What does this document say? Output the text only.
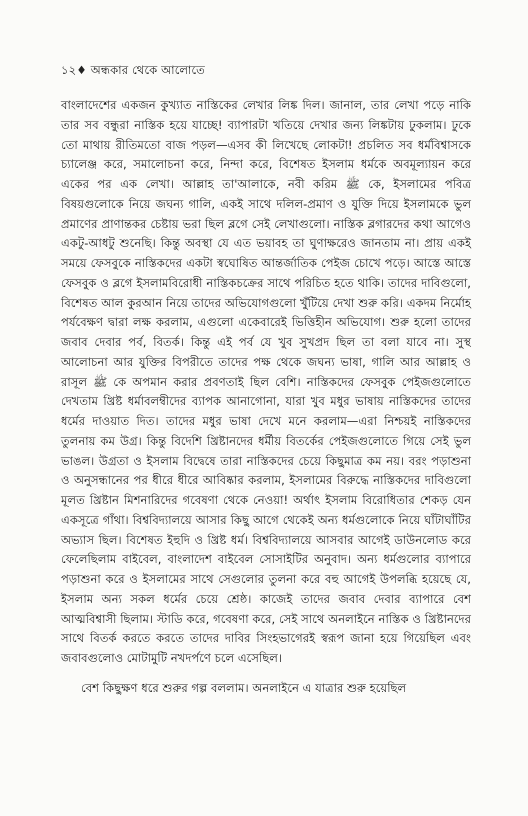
১২♦ অন্ধকার থেকে আলোতে

বাংলাদেশের একজন কুখ্যাত নাস্তিকের লেখার লিঙ্ক দিল। জানাল, তার লেখা পড়ে নাকি তার সব বন্ধুরা নাস্তিক হয়ে যাচ্ছে! ব্যাপারটা খতিয়ে দেখার জন্য লিঙ্কটায় ঢুকলাম। ঢুকে তো মাথায় রীতিমতো বাজ পড়ল—এসব কী লিখেছে লোকটা! প্রচলিত সব ধর্মবিশ্বাসকে চ্যালেঞ্জ করে, সমালোচনা করে, নিন্দা করে, বিশেষত ইসলাম ধর্মকে অবমূল্যায়ন করে একের পর এক লেখা। আল্লাহ তা'আলাকে, নবী করিম ﷺ কে, ইসলামের পবিত্র বিষয়গুলোকে নিয়ে জঘন্য গালি, একই সাথে দলিল-প্রমাণ ও যুক্তি দিয়ে ইসলামকে ভুল প্রমাণের প্রাণান্তকর চেষ্টায় ভরা ছিল ব্লগে সেই লেখাগুলো। নাস্তিক ব্লগারদের কথা আগেও একটু-আধটু শুনেছি। কিন্তু অবস্থা যে এত ভয়াবহ তা ঘুণাক্ষরেও জানতাম না। প্রায় একই সময়ে ফেসবুকে নাস্তিকদের একটা স্বঘোষিত আন্তর্জাতিক পেইজ চোখে পড়ে। আস্তে আস্তে ফেসবুক ও ব্লগে ইসলামবিরোধী নাস্তিকচক্রের সাথে পরিচিত হতে থাকি। তাদের দাবিগুলো, বিশেষত আল কুরআন নিয়ে তাদের অভিযোগগুলো খুঁটিয়ে দেখা শুরু করি। একদম নির্মোহ পর্যবেক্ষণ দ্বারা লক্ষ করলাম, এগুলো একেবারেই ভিত্তিহীন অভিযোগ। শুরু হলো তাদের জবাব দেবার পর্ব, বিতর্ক। কিন্তু এই পর্ব যে খুব সুখপ্রদ ছিল তা বলা যাবে না। সুস্থ আলোচনা আর যুক্তির বিপরীতে তাদের পক্ষ থেকে জঘন্য ভাষা, গালি আর আল্লাহ ও রাসূল ﷺ কে অপমান করার প্রবণতাই ছিল বেশি। নাস্তিকদের ফেসবুক পেইজগুলোতে দেখতাম খ্রিষ্ট ধর্মাবলম্বীদের ব্যাপক আনাগোনা, যারা খুব মধুর ভাষায় নাস্তিকদের তাদের ধর্মের দাওয়াত দিত। তাদের মধুর ভাষা দেখে মনে করলাম—এরা নিশ্চয়ই নাস্তিকদের তুলনায় কম উগ্র। কিন্তু বিদেশি খ্রিষ্টানদের ধর্মীয় বিতর্কের পেইজগুলোতে গিয়ে সেই ভুল ভাঙল। উগ্রতা ও ইসলাম বিদ্বেষে তারা নাস্তিকদের চেয়ে কিছুমাত্র কম নয়। বরং পড়াশুনা ও অনুসন্ধানের পর ধীরে ধীরে আবিষ্কার করলাম, ইসলামের বিরুদ্ধে নাস্তিকদের দাবিগুলো মূলত খ্রিষ্টান মিশনারিদের গবেষণা থেকে নেওয়া! অর্থাৎ ইসলাম বিরোধিতার শেকড় যেন একসূত্রে গাঁথা। বিশ্ববিদ্যালয়ে আসার কিছু আগে থেকেই অন্য ধর্মগুলোকে নিয়ে ঘাঁটাঘাঁটির অভ্যাস ছিল। বিশেষত ইহুদি ও খ্রিষ্ট ধর্ম। বিশ্ববিদ্যালয়ে আসবার আগেই ডাউনলোড করে ফেলেছিলাম বাইবেল, বাংলাদেশ বাইবেল সোসাইটির অনুবাদ। অন্য ধর্মগুলোর ব্যাপারে পড়াশুনা করে ও ইসলামের সাথে সেগুলোর তুলনা করে বহু আগেই উপলব্ধি হয়েছে যে, ইসলাম অন্য সকল ধর্মের চেয়ে শ্রেষ্ঠ। কাজেই তাদের জবাব দেবার ব্যাপারে বেশ আত্মবিশ্বাসী ছিলাম। স্টাডি করে, গবেষণা করে, সেই সাথে অনলাইনে নাস্তিক ও খ্রিষ্টানদের সাথে বিতর্ক করতে করতে তাদের দাবির সিংহভাগেরই স্বরূপ জানা হয়ে গিয়েছিল এবং জবাবগুলোও মোটামুটি নখদর্পণে চলে এসেছিল।

বেশ কিছুক্ষণ ধরে শুরুর গল্প বললাম। অনলাইনে এ যাত্রার শুরু হয়েছিল
